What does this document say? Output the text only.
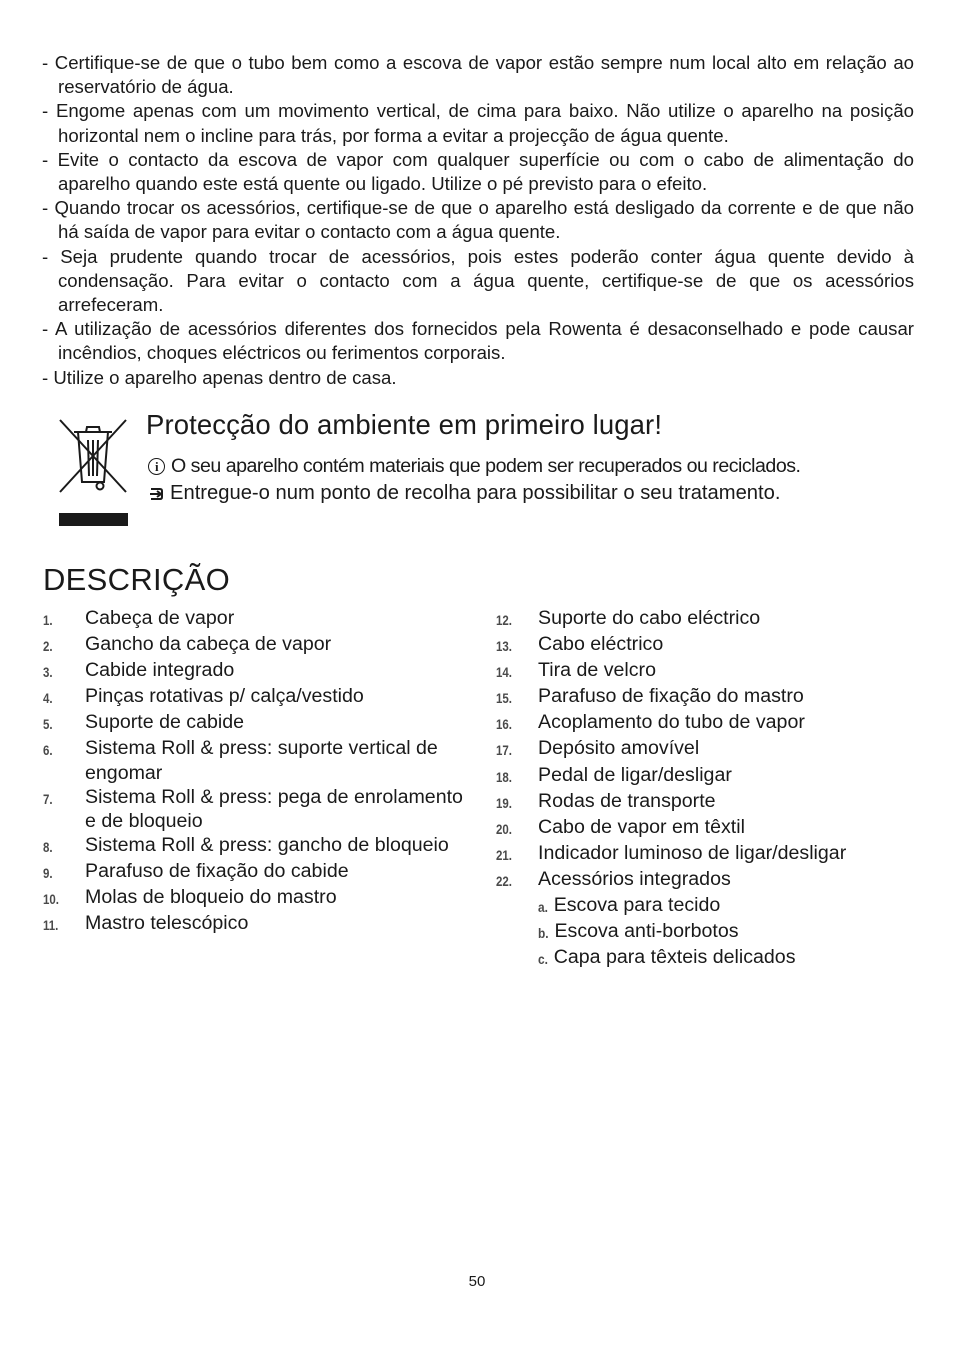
- Certifique-se de que o tubo bem como a escova de vapor estão sempre num local alto em relação ao reservatório de água.
- Engome apenas com um movimento vertical, de cima para baixo. Não utilize o aparelho na posição horizontal nem o incline para trás, por forma a evitar a projecção de água quente.
- Evite o contacto da escova de vapor com qualquer superfície ou com o cabo de alimentação do aparelho quando este está quente ou ligado. Utilize o pé previsto para o efeito.
- Quando trocar os acessórios, certifique-se de que o aparelho está desligado da corrente e de que não há saída de vapor para evitar o contacto com a água quente.
- Seja prudente quando trocar de acessórios, pois estes poderão conter água quente devido à condensação. Para evitar o contacto com a água quente, certifique-se de que os acessórios arrefeceram.
- A utilização de acessórios diferentes dos fornecidos pela Rowenta é desaconselhado e pode causar incêndios, choques eléctricos ou ferimentos corporais.
- Utilize o aparelho apenas dentro de casa.
Protecção do ambiente em primeiro lugar!
i O seu aparelho contém materiais que podem ser recuperados ou reciclados.
Entregue-o num ponto de recolha para possibilitar o seu tratamento.
DESCRIÇÃO
1.	Cabeça de vapor
2.	Gancho da cabeça de vapor
3.	Cabide integrado
4.	Pinças rotativas p/ calça/vestido
5.	Suporte de cabide
6.	Sistema Roll & press: suporte vertical de engomar
7.	Sistema Roll & press: pega de enrolamento e de bloqueio
8.	Sistema Roll & press: gancho de bloqueio
9.	Parafuso de fixação do cabide
10.	Molas de bloqueio do mastro
11.	Mastro telescópico
12.	Suporte do cabo eléctrico
13.	Cabo eléctrico
14.	Tira de velcro
15.	Parafuso de fixação do mastro
16.	Acoplamento do tubo de vapor
17.	Depósito amovível
18.	Pedal de ligar/desligar
19.	Rodas de transporte
20.	Cabo de vapor em têxtil
21.	Indicador luminoso de ligar/desligar
22.	Acessórios integrados
a. Escova para tecido
b. Escova anti-borbotos
c. Capa para têxteis delicados
50
